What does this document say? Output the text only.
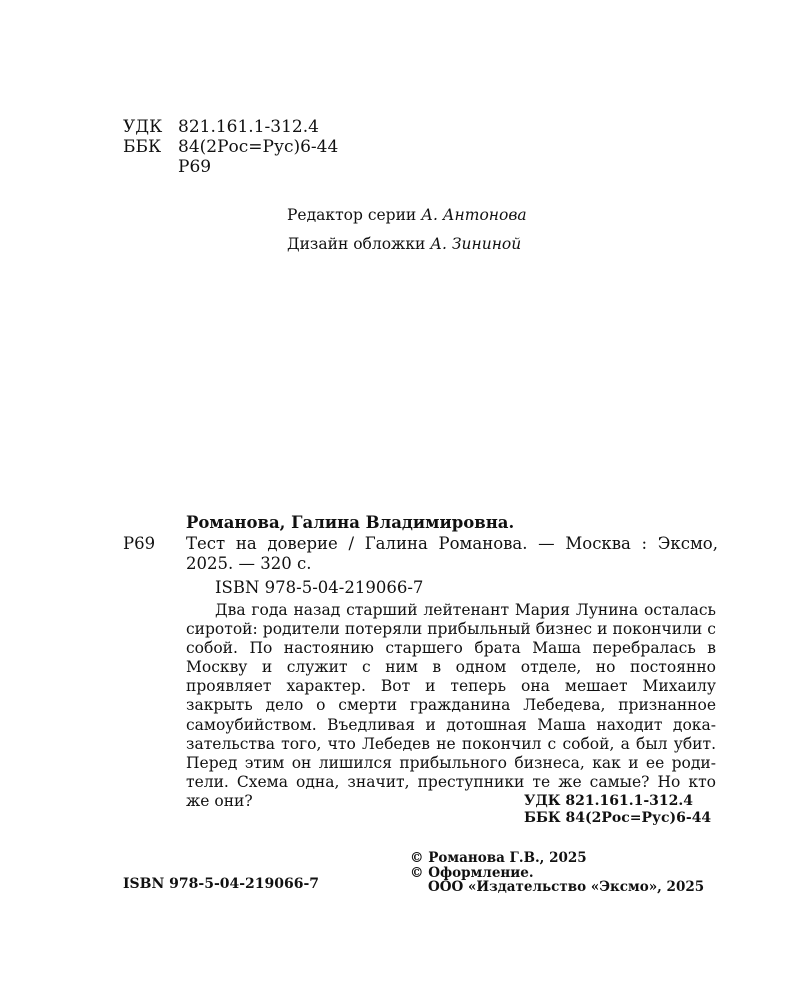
УДК 821.161.1-312.4
ББК 84(2Рос=Рус)6-44
Р69
Редактор серии А. Антонова
Дизайн обложки А. Зининой
Романова, Галина Владимировна.
Р69 Тест на доверие / Галина Романова. — Москва : Эксмо, 2025. — 320 с.
ISBN 978-5-04-219066-7
Два года назад старший лейтенант Мария Лунина осталась сиротой: родители потеряли прибыльный бизнес и покончили с собой. По настоянию старшего брата Маша перебралась в Москву и служит с ним в одном отделе, но постоянно проявляет характер. Вот и теперь она мешает Михаилу закрыть дело о смерти гражданина Лебедева, признанное самоубийством. Въедливая и дотошная Маша находит доказательства того, что Лебедев не покончил с собой, а был убит. Перед этим он лишился прибыльного бизнеса, как и ее родители. Схема одна, значит, преступники те же самые? Но кто же они?	УДК 821.161.1-312.4
ББК 84(2Рос=Рус)6-44
ISBN 978-5-04-219066-7
© Романова Г.В., 2025
© Оформление.
ООО «Издательство «Эксмо», 2025
